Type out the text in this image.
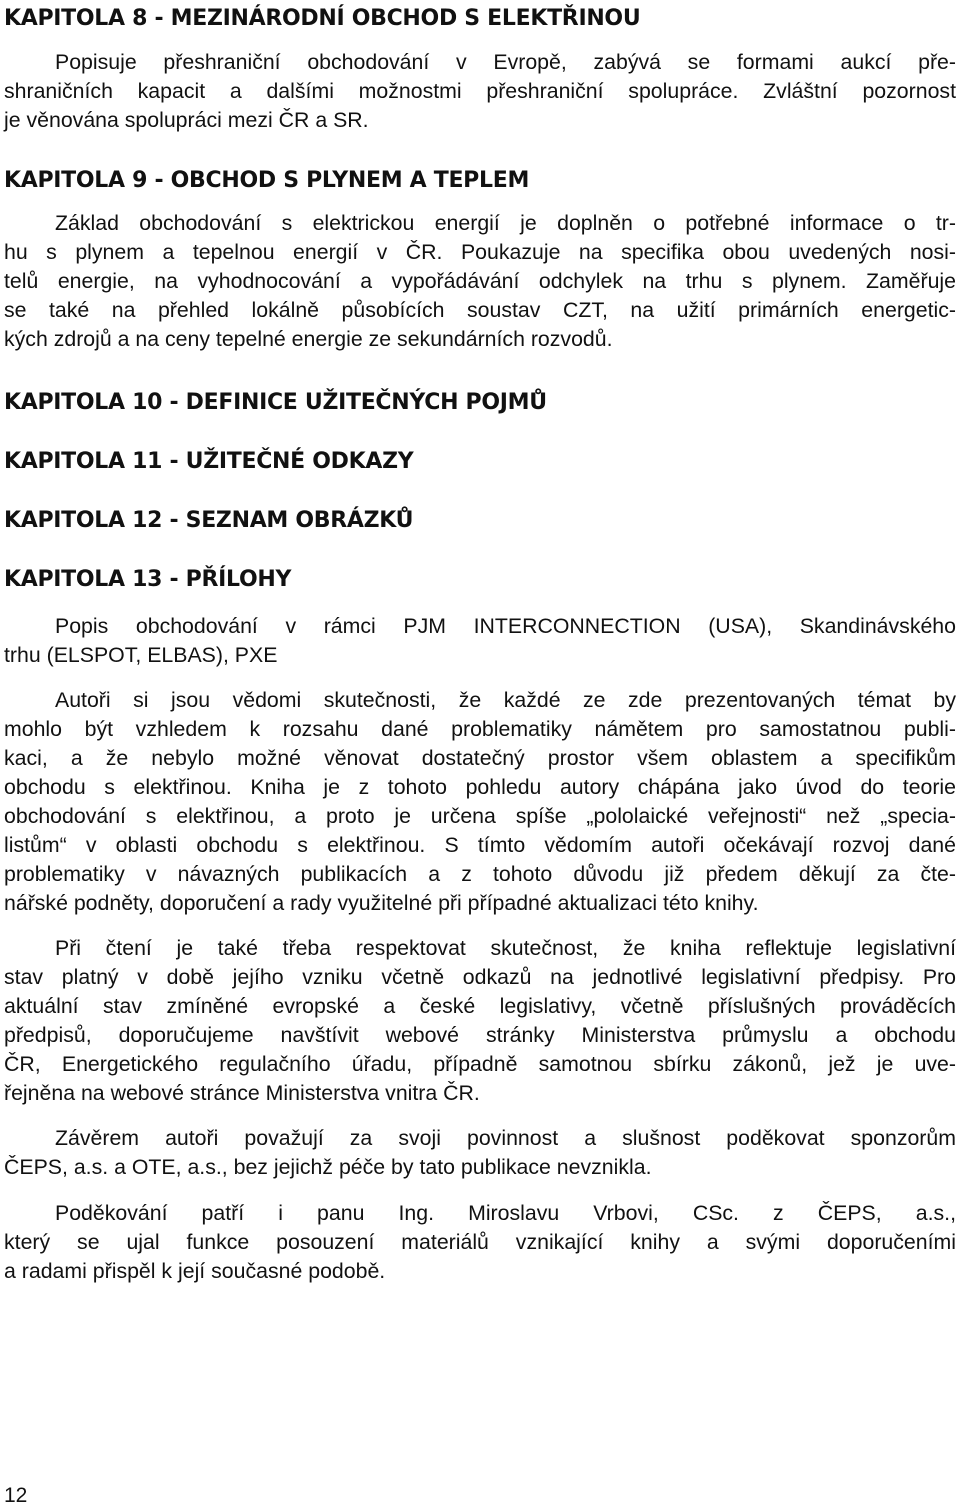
KAPITOLA 8 - MEZINÁRODNÍ OBCHOD S ELEKTŘINOU
Popisuje přeshraniční obchodování v Evropě, zabývá se formami aukcí pře-
shraničních kapacit a dalšími možnostmi přeshraniční spolupráce. Zvláštní pozornost
je věnována spolupráci mezi ČR a SR.
KAPITOLA 9 - OBCHOD S PLYNEM A TEPLEM
Základ obchodování s elektrickou energií je doplněn o potřebné informace o tr-
hu s plynem a tepelnou energií v ČR. Poukazuje na specifika obou uvedených nosi-
telů energie, na vyhodnocování a vypořádávání odchylek na trhu s plynem. Zaměřuje
se také na přehled lokálně působících soustav CZT, na užití primárních energetic-
kých zdrojů a na ceny tepelné energie ze sekundárních rozvodů.
KAPITOLA 10 - DEFINICE UŽITEČNÝCH POJMŮ
KAPITOLA 11 - UŽITEČNÉ ODKAZY
KAPITOLA 12 - SEZNAM OBRÁZKŮ
KAPITOLA 13 - PŘÍLOHY
Popis obchodování v rámci PJM INTERCONNECTION (USA), Skandinávského
trhu (ELSPOT, ELBAS), PXE
Autoři si jsou vědomi skutečnosti, že každé ze zde prezentovaných témat by
mohlo být vzhledem k rozsahu dané problematiky námětem pro samostatnou publi-
kaci, a že nebylo možné věnovat dostatečný prostor všem oblastem a specifikům
obchodu s elektřinou. Kniha je z tohoto pohledu autory chápána jako úvod do teorie
obchodování s elektřinou, a proto je určena spíše „pololaické veřejnosti“ než „specia-
listům“ v oblasti obchodu s elektřinou. S tímto vědomím autoři očekávají rozvoj dané
problematiky v návazných publikacích a z tohoto důvodu již předem děkují za čte-
nářské podněty, doporučení a rady využitelné při případné aktualizaci této knihy.
Při čtení je také třeba respektovat skutečnost, že kniha reflektuje legislativní
stav platný v době jejího vzniku včetně odkazů na jednotlivé legislativní předpisy. Pro
aktuální stav zmíněné evropské a české legislativy, včetně příslušných prováděcích
předpisů, doporučujeme navštívit webové stránky Ministerstva průmyslu a obchodu
ČR, Energetického regulačního úřadu, případně samotnou sbírku zákonů, jež je uve-
řejněna na webové stránce Ministerstva vnitra ČR.
Závěrem autoři považují za svoji povinnost a slušnost poděkovat sponzorům
ČEPS, a.s. a OTE, a.s., bez jejichž péče by tato publikace nevznikla.
Poděkování patří i panu Ing. Miroslavu Vrbovi, CSc. z ČEPS, a.s.,
který se ujal funkce posouzení materiálů vznikající knihy a svými doporučeními
a radami přispěl k její současné podobě.
12
